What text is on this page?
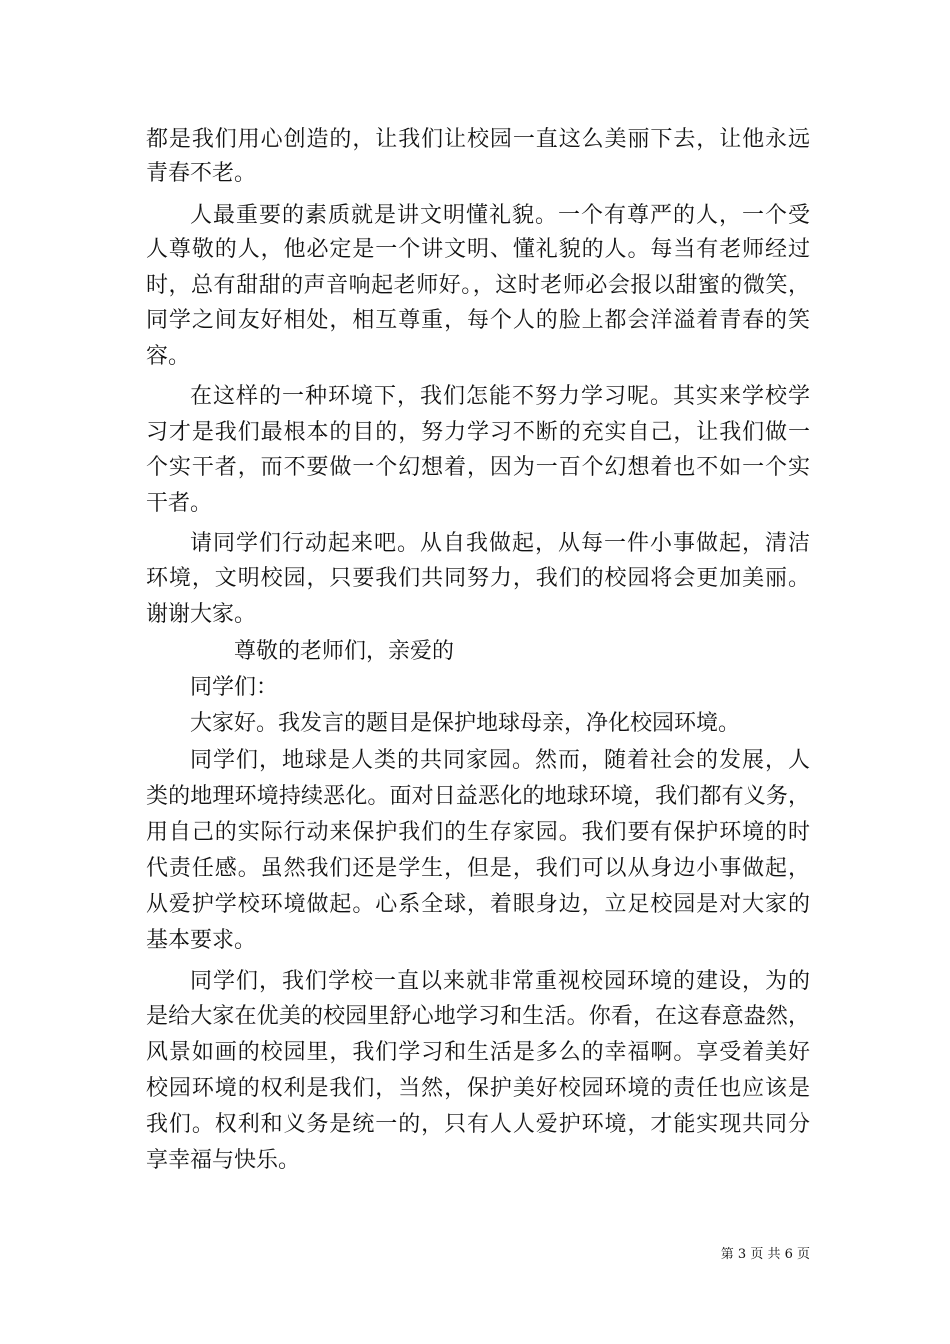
都是我们用心创造的，让我们让校园一直这么美丽下去，让他永远
青春不老。
人最重要的素质就是讲文明懂礼貌。一个有尊严的人，一个受
人尊敬的人，他必定是一个讲文明、懂礼貌的人。每当有老师经过
时，总有甜甜的声音响起老师好。，这时老师必会报以甜蜜的微笑，
同学之间友好相处，相互尊重，每个人的脸上都会洋溢着青春的笑
容。
在这样的一种环境下，我们怎能不努力学习呢。其实来学校学
习才是我们最根本的目的，努力学习不断的充实自己，让我们做一
个实干者，而不要做一个幻想着，因为一百个幻想着也不如一个实
干者。
请同学们行动起来吧。从自我做起，从每一件小事做起，清洁
环境，文明校园，只要我们共同努力，我们的校园将会更加美丽。
谢谢大家。
尊敬的老师们，亲爱的
同学们：
大家好。我发言的题目是保护地球母亲，净化校园环境。
同学们，地球是人类的共同家园。然而，随着社会的发展，人
类的地理环境持续恶化。面对日益恶化的地球环境，我们都有义务，
用自己的实际行动来保护我们的生存家园。我们要有保护环境的时
代责任感。虽然我们还是学生，但是，我们可以从身边小事做起，
从爱护学校环境做起。心系全球，着眼身边，立足校园是对大家的
基本要求。
同学们，我们学校一直以来就非常重视校园环境的建设，为的
是给大家在优美的校园里舒心地学习和生活。你看，在这春意盎然，
风景如画的校园里，我们学习和生活是多么的幸福啊。享受着美好
校园环境的权利是我们，当然，保护美好校园环境的责任也应该是
我们。权利和义务是统一的，只有人人爱护环境，才能实现共同分
享幸福与快乐。
第 3 页 共 6 页
